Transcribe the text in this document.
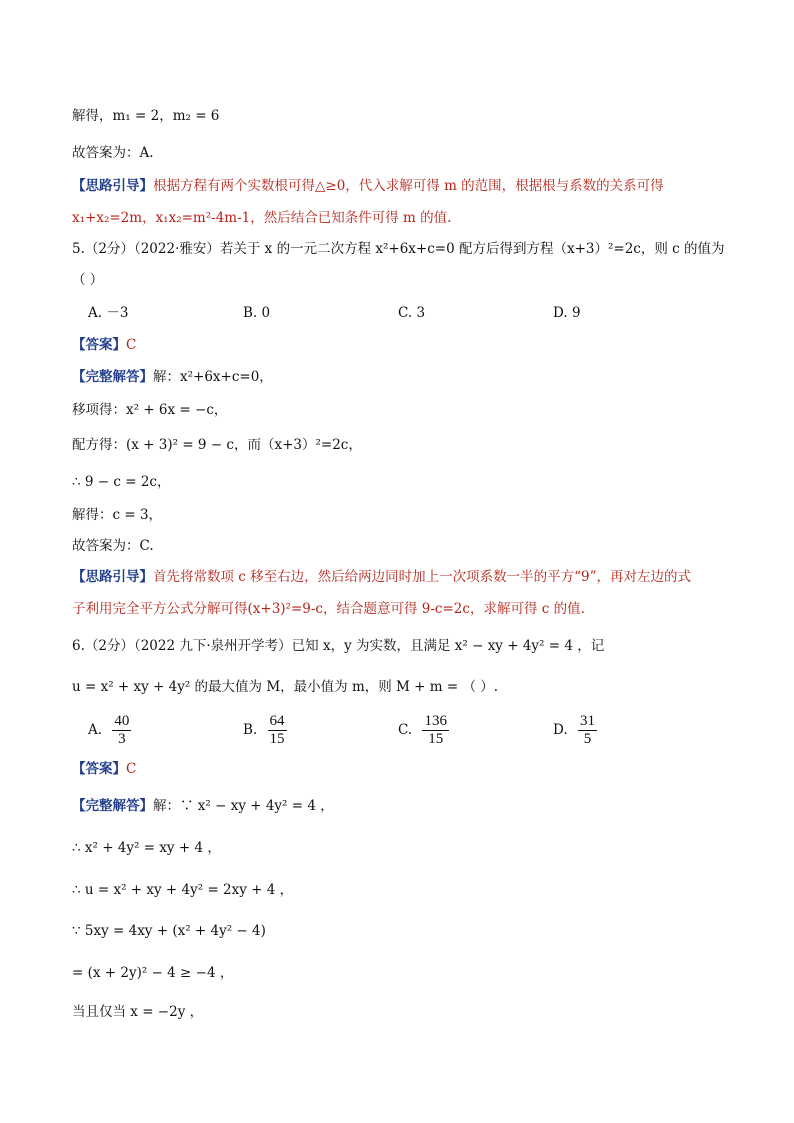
解得，m₁ = 2，m₂ = 6
故答案为：A.
【思路引导】根据方程有两个实数根可得△≥0，代入求解可得 m 的范围，根据根与系数的关系可得
x₁+x₂=2m，x₁x₂=m²-4m-1，然后结合已知条件可得 m 的值.
5.（2分）（2022·雅安）若关于 x 的一元二次方程 x²+6x+c=0 配方后得到方程（x+3）²=2c，则 c 的值为
（ ）
A. －3	B. 0	C. 3	D. 9
【答案】C
【完整解答】解：x²+6x+c=0，
移项得：x² + 6x = −c，
配方得：(x + 3)² = 9 − c，而（x+3）²=2c，
∴ 9 − c = 2c，
解得：c = 3，
故答案为：C.
【思路引导】首先将常数项 c 移至右边，然后给两边同时加上一次项系数一半的平方“9”，再对左边的式
子利用完全平方公式分解可得(x+3)²=9-c，结合题意可得 9-c=2c，求解可得 c 的值.
6.（2分）（2022 九下·泉州开学考）已知 x，y 为实数，且满足 x² − xy + 4y² = 4 ，记
u = x² + xy + 4y² 的最大值为 M，最小值为 m，则 M + m = （ ）.
A. $\frac{40}{3}$	B. $\frac{64}{15}$	C. $\frac{136}{15}$	D. $\frac{31}{5}$
【答案】C
【完整解答】解：∵ x² − xy + 4y² = 4 ，
∴ x² + 4y² = xy + 4 ，
∴ u = x² + xy + 4y² = 2xy + 4 ，
∵ 5xy = 4xy + (x² + 4y² − 4)
= (x + 2y)² − 4 ≥ −4 ，
当且仅当 x = −2y ，
